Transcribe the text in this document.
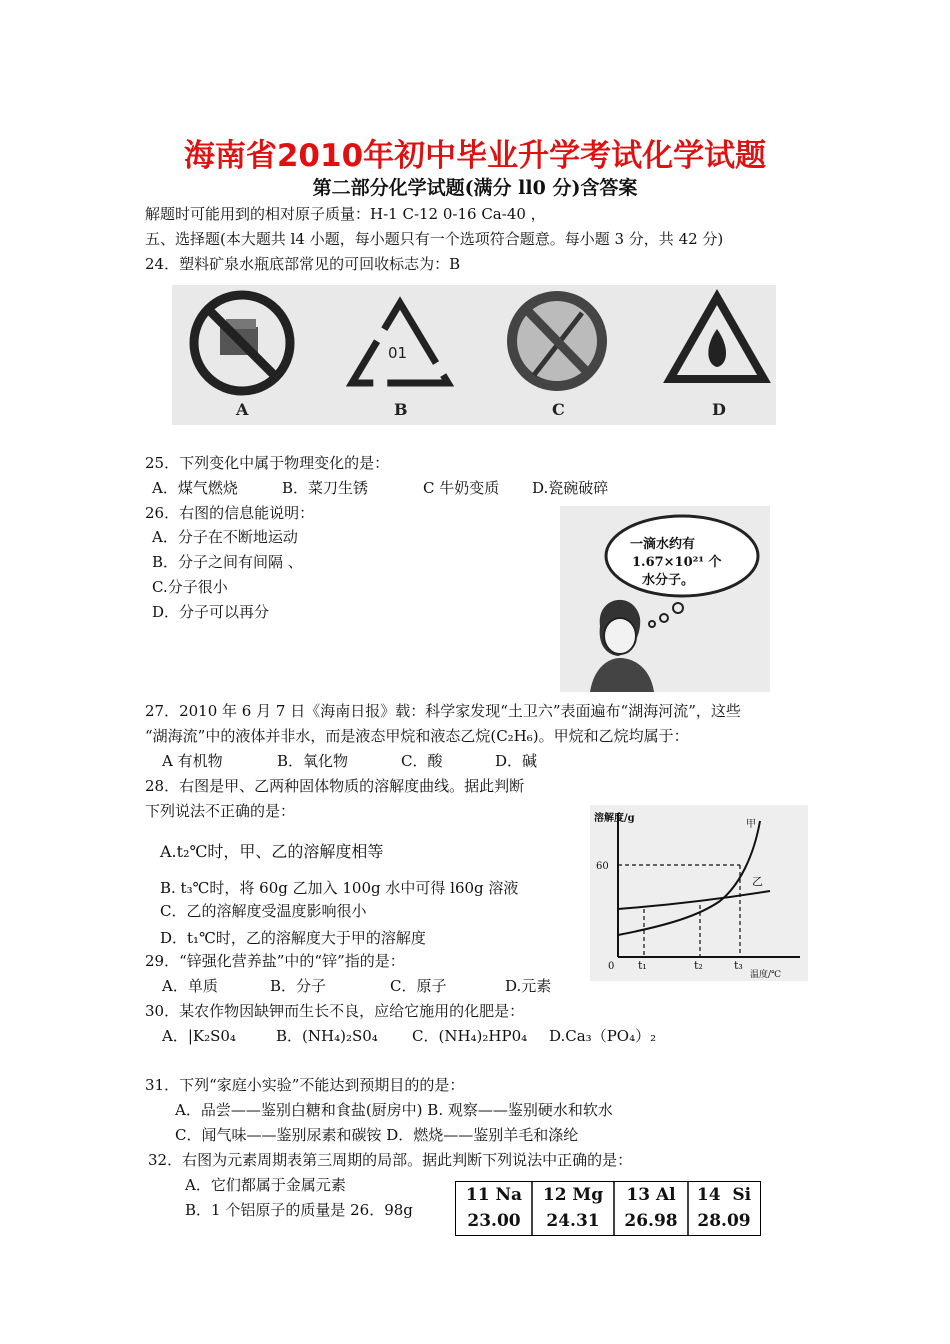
海南省2010年初中毕业升学考试化学试题
第二部分化学试题(满分 ll0 分)含答案
解题时可能用到的相对原子质量：H-1 C-12 0-16 Ca-40 ，
五、选择题(本大题共 l4 小题，每小题只有一个选项符合题意。每小题 3 分，共 42 分)
24．塑料矿泉水瓶底部常见的可回收标志为：B
01
A	B	C	D
25．下列变化中属于物理变化的是：
A．煤气燃烧	B．菜刀生锈	C 牛奶变质 D.瓷碗破碎
26．右图的信息能说明：
A．分子在不断地运动
B．分子之间有间隔 、
C.分子很小
D．分子可以再分
一滴水约有
1.67×10²¹ 个
水分子。
27．2010 年 6 月 7 日《海南日报》载：科学家发现“土卫六”表面遍布“湖海河流”，这些
“湖海流”中的液体并非水，而是液态甲烷和液态乙烷(C₂H₆)。甲烷和乙烷均属于：
A 有机物	B．氧化物	C．酸	D．碱
28．右图是甲、乙两种固体物质的溶解度曲线。据此判断
下列说法不正确的是：
A.t₂℃时，甲、乙的溶解度相等
B. t₃℃时，将 60g 乙加入 100g 水中可得 l60g 溶液
C．乙的溶解度受温度影响很小
D．t₁℃时，乙的溶解度大于甲的溶解度
溶解度/g
60
0 t₁	t₂	t₃
温度/℃
甲
乙
29．“锌强化营养盐”中的“锌”指的是：
A．单质	B．分子	C．原子	D.元素
30．某农作物因缺钾而生长不良，应给它施用的化肥是：
A．|K₂S0₄	B．(NH₄)₂S0₄ C．(NH₄)₂HP0₄ D.Ca₃（PO₄）₂
31．下列“家庭小实验”不能达到预期目的的是：
A．品尝——鉴别白糖和食盐(厨房中) B. 观察——鉴别硬水和软水
C．闻气味——鉴别尿素和碳铵 D．燃烧——鉴别羊毛和涤纶
32．右图为元素周期表第三周期的局部。据此判断下列说法中正确的是：
A．它们都属于金属元素
B．1 个铝原子的质量是 26．98g
11 Na	12 Mg	13 Al	14  Si
23.00	24.31	26.98	28.09
